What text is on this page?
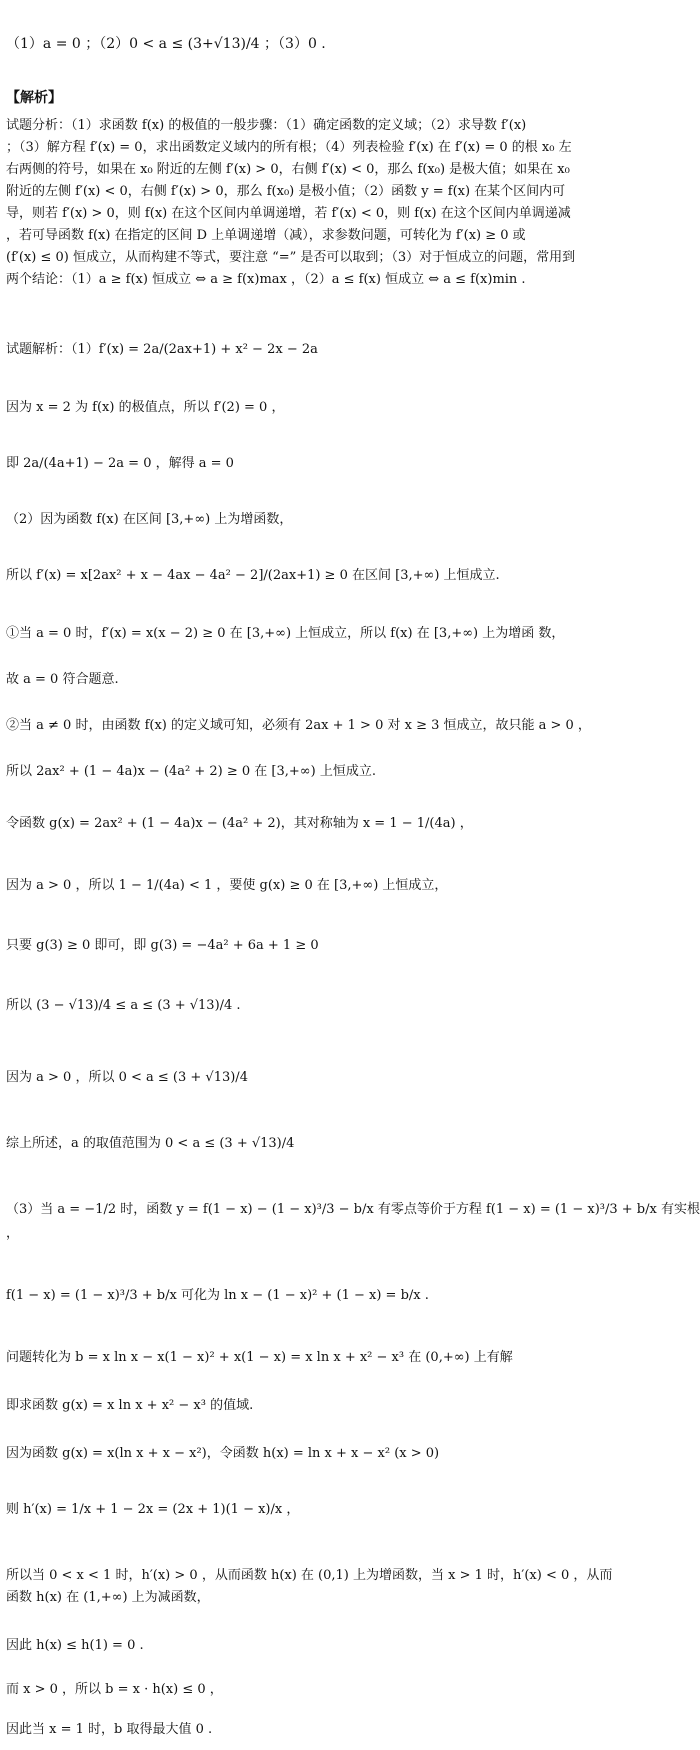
（1）a = 0 ；（2）0 < a ≤ (3+√13)/4 ；（3）0 .
【解析】
试题分析：（1）求函数 f(x) 的极值的一般步骤：（1）确定函数的定义域；（2）求导数 f′(x)
；（3）解方程 f′(x) = 0，求出函数定义域内的所有根；（4）列表检验 f′(x) 在 f′(x) = 0 的根 x₀ 左
右两侧的符号，如果在 x₀ 附近的左侧 f′(x) > 0，右侧 f′(x) < 0，那么 f(x₀) 是极大值；如果在 x₀
附近的左侧 f′(x) < 0，右侧 f′(x) > 0，那么 f(x₀) 是极小值；（2）函数 y = f(x) 在某个区间内可
导，则若 f′(x) > 0，则 f(x) 在这个区间内单调递增，若 f′(x) < 0，则 f(x) 在这个区间内单调递减
，若可导函数 f(x) 在指定的区间 D 上单调递增（减），求参数问题，可转化为 f′(x) ≥ 0 或
(f′(x) ≤ 0) 恒成立，从而构建不等式，要注意 “=” 是否可以取到；（3）对于恒成立的问题，常用到
两个结论：（1）a ≥ f(x) 恒成立 ⇔ a ≥ f(x)max ，（2）a ≤ f(x) 恒成立 ⇔ a ≤ f(x)min .
试题解析：（1）f′(x) = 2a/(2ax+1) + x² − 2x − 2a
因为 x = 2 为 f(x) 的极值点，所以 f′(2) = 0 ，
即 2a/(4a+1) − 2a = 0 ，解得 a = 0
（2）因为函数 f(x) 在区间 [3,+∞) 上为增函数，
所以 f′(x) = x[2ax² + x − 4ax − 4a² − 2]/(2ax+1) ≥ 0 在区间 [3,+∞) 上恒成立.
①当 a = 0 时，f′(x) = x(x − 2) ≥ 0 在 [3,+∞) 上恒成立，所以 f(x) 在 [3,+∞) 上为增函 数，
故 a = 0 符合题意.
②当 a ≠ 0 时，由函数 f(x) 的定义域可知，必须有 2ax + 1 > 0 对 x ≥ 3 恒成立，故只能 a > 0 ，
所以 2ax² + (1 − 4a)x − (4a² + 2) ≥ 0 在 [3,+∞) 上恒成立.
令函数 g(x) = 2ax² + (1 − 4a)x − (4a² + 2)，其对称轴为 x = 1 − 1/(4a) ，
因为 a > 0 ，所以 1 − 1/(4a) < 1 ，要使 g(x) ≥ 0 在 [3,+∞) 上恒成立，
只要 g(3) ≥ 0 即可，即 g(3) = −4a² + 6a + 1 ≥ 0
所以 (3 − √13)/4 ≤ a ≤ (3 + √13)/4 .
因为 a > 0 ，所以 0 < a ≤ (3 + √13)/4
综上所述，a 的取值范围为 0 < a ≤ (3 + √13)/4
（3）当 a = −1/2 时，函数 y = f(1 − x) − (1 − x)³/3 − b/x 有零点等价于方程 f(1 − x) = (1 − x)³/3 + b/x 有实根
，
f(1 − x) = (1 − x)³/3 + b/x 可化为 ln x − (1 − x)² + (1 − x) = b/x .
问题转化为 b = x ln x − x(1 − x)² + x(1 − x) = x ln x + x² − x³ 在 (0,+∞) 上有解
即求函数 g(x) = x ln x + x² − x³ 的值域.
因为函数 g(x) = x(ln x + x − x²)，令函数 h(x) = ln x + x − x² (x > 0)
则 h′(x) = 1/x + 1 − 2x = (2x + 1)(1 − x)/x ，
所以当 0 < x < 1 时，h′(x) > 0 ，从而函数 h(x) 在 (0,1) 上为增函数，当 x > 1 时，h′(x) < 0 ，从而
函数 h(x) 在 (1,+∞) 上为减函数，
因此 h(x) ≤ h(1) = 0 .
而 x > 0 ，所以 b = x · h(x) ≤ 0 ，
因此当 x = 1 时，b 取得最大值 0 .
